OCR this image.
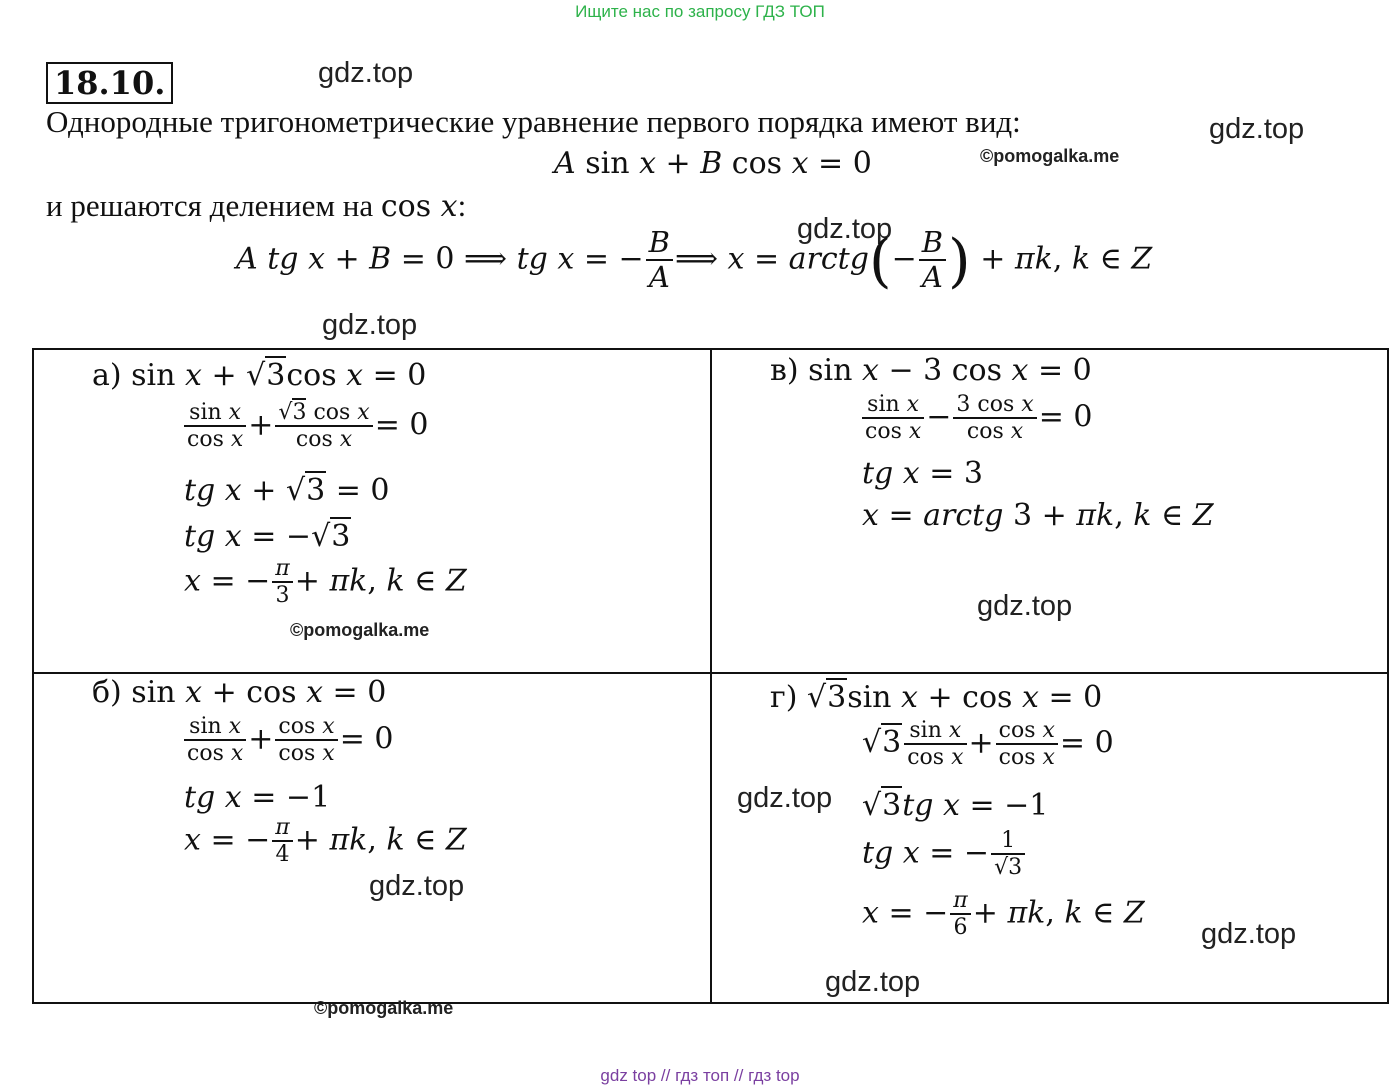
Ищите нас по запросу ГДЗ ТОП
18.10.	gdz.top
gdz.top
©pomogalka.me
gdz.top
gdz.top
Однородные тригонометрические уравнение первого порядка имеют вид:
A sin x + B cos x = 0
и решаются делением на cos x:
A tg x + B = 0 ⟹ tg x = − $\frac{B}{A}$ ⟹ x = arctg(− $\frac{B}{A}$ ) + πk, k ∈ Z
а) sin x + √3cos x = 0
$\frac{\text{sin x}}{\text{cos x}} + \frac{\text{√3 cos x}}{\text{cos x}} = 0$
tg x + √3 = 0
tg x = −√3
x = − $\frac{\pi}{3} + \pi k$, k ∈ Z
©pomogalka.me
в) sin x − 3 cos x = 0
$\frac{\text{sin x}}{\text{cos x}} - \frac{\text{3 cos x}}{\text{cos x}} = 0$
tg x = 3
x = arctg 3 + πk, k ∈ Z
gdz.top
б) sin x + cos x = 0
$\frac{\text{sin x}}{\text{cos x}} + \frac{\text{cos x}}{\text{cos x}} = 0$
tg x = −1
x = − $\frac{\pi}{4} + \pi k$, k ∈ Z
gdz.top
©pomogalka.me
г) √3sin x + cos x = 0
$√3 \frac{\text{sin x}}{\text{cos x}} + \frac{\text{cos x}}{\text{cos x}} = 0$
gdz.top √3tg x = −1
tg x = − $\frac{1}{√3}$
x = − $\frac{\pi}{6} + \pi k$, k ∈ Z
gdz.top
gdz.top
gdz top // гдз топ // гдз top
